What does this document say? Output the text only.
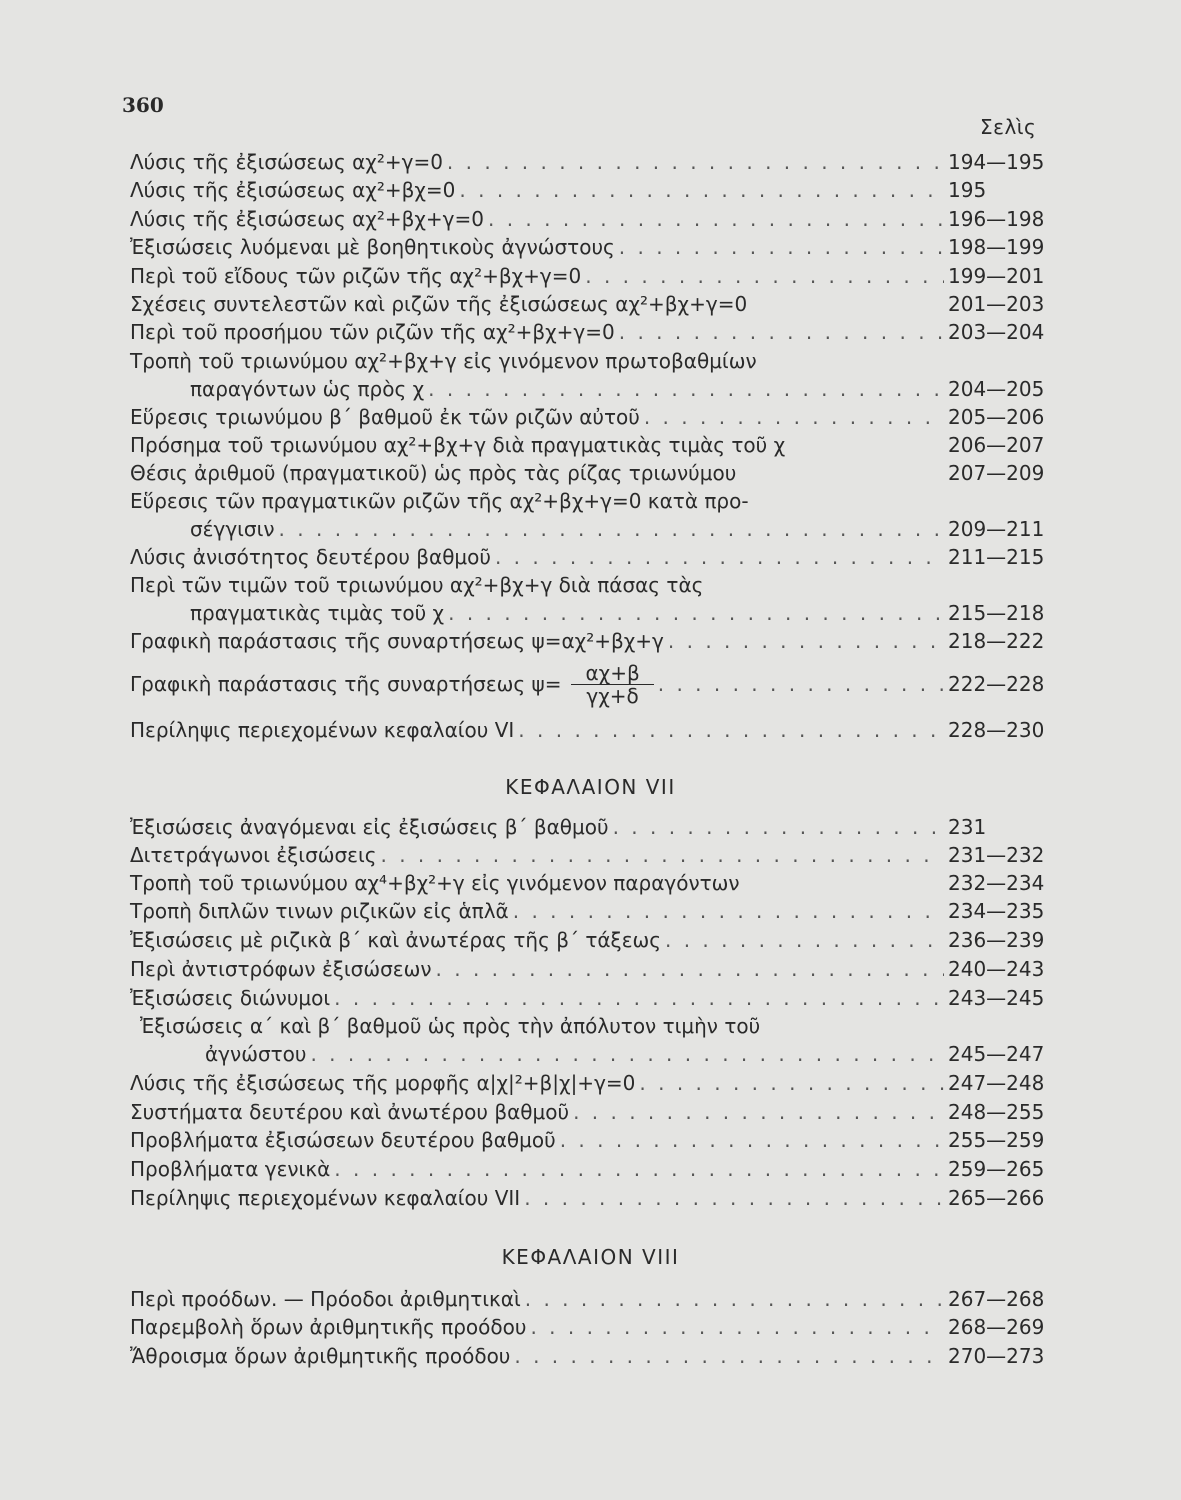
360
Σελὶς
Λύσις τῆς ἐξισώσεως αχ²+γ=0 . . .	194—195
Λύσις τῆς ἐξισώσεως αχ²+βχ=0 . . .	195
Λύσις τῆς ἐξισώσεως αχ²+βχ+γ=0 . . .	196—198
Ἐξισώσεις λυόμεναι μὲ βοηθητικοὺς ἀγνώστους . . .	198—199
Περὶ τοῦ εἴδους τῶν ριζῶν τῆς αχ²+βχ+γ=0 . . .	199—201
Σχέσεις συντελεστῶν καὶ ριζῶν τῆς ἐξισώσεως αχ²+βχ+γ=0	201—203
Περὶ τοῦ προσήμου τῶν ριζῶν τῆς αχ²+βχ+γ=0 . . .	203—204
Τροπὴ τοῦ τριωνύμου αχ²+βχ+γ εἰς γινόμενον πρωτοβαθμίων
παραγόντων ὡς πρὸς χ . . .	204—205
Εὕρεσις τριωνύμου β΄ βαθμοῦ ἐκ τῶν ριζῶν αὐτοῦ . . .	205—206
Πρόσημα τοῦ τριωνύμου αχ²+βχ+γ διὰ πραγματικὰς τιμὰς τοῦ χ	206—207
Θέσις ἀριθμοῦ (πραγματικοῦ) ὡς πρὸς τὰς ρίζας τριωνύμου	207—209
Εὕρεσις τῶν πραγματικῶν ριζῶν τῆς αχ²+βχ+γ=0 κατὰ προ-
σέγγισιν . . .	209—211
Λύσις ἀνισότητος δευτέρου βαθμοῦ . . .	211—215
Περὶ τῶν τιμῶν τοῦ τριωνύμου αχ²+βχ+γ διὰ πάσας τὰς
πραγματικὰς τιμὰς τοῦ χ . . .	215—218
Γραφικὴ παράστασις τῆς συναρτήσεως ψ=αχ²+βχ+γ . . .	218—222
Γραφικὴ παράστασις τῆς συναρτήσεως $\psi= \frac{\alpha\chi+\beta}{\gamma\chi+\delta}$ . . .	222—228
Περίληψις περιεχομένων κεφαλαίου VI . . .	228—230
ΚΕΦΑΛΑΙΟΝ VII
Ἐξισώσεις ἀναγόμεναι εἰς ἐξισώσεις β΄ βαθμοῦ . . .	231
Διτετράγωνοι ἐξισώσεις . . .	231—232
Τροπὴ τοῦ τριωνύμου αχ⁴+βχ²+γ εἰς γινόμενον παραγόντων	232—234
Τροπὴ διπλῶν τινων ριζικῶν εἰς ἁπλᾶ . . .	234—235
Ἐξισώσεις μὲ ριζικὰ β΄ καὶ ἀνωτέρας τῆς β΄ τάξεως . . .	236—239
Περὶ ἀντιστρόφων ἐξισώσεων . . .	240—243
Ἐξισώσεις διώνυμοι . . .	243—245
Ἐξισώσεις α΄ καὶ β΄ βαθμοῦ ὡς πρὸς τὴν ἀπόλυτον τιμὴν τοῦ
ἀγνώστου . . .	245—247
Λύσις τῆς ἐξισώσεως τῆς μορφῆς α|χ|²+β|χ|+γ=0 . . .	247—248
Συστήματα δευτέρου καὶ ἀνωτέρου βαθμοῦ . . .	248—255
Προβλήματα ἐξισώσεων δευτέρου βαθμοῦ . . .	255—259
Προβλήματα γενικὰ . . .	259—265
Περίληψις περιεχομένων κεφαλαίου VII . . .	265—266
ΚΕΦΑΛΑΙΟΝ VIII
Περὶ προόδων. — Πρόοδοι ἀριθμητικαὶ . . .	267—268
Παρεμβολὴ ὅρων ἀριθμητικῆς προόδου . . .	268—269
Ἄθροισμα ὅρων ἀριθμητικῆς προόδου . . .	270—273
